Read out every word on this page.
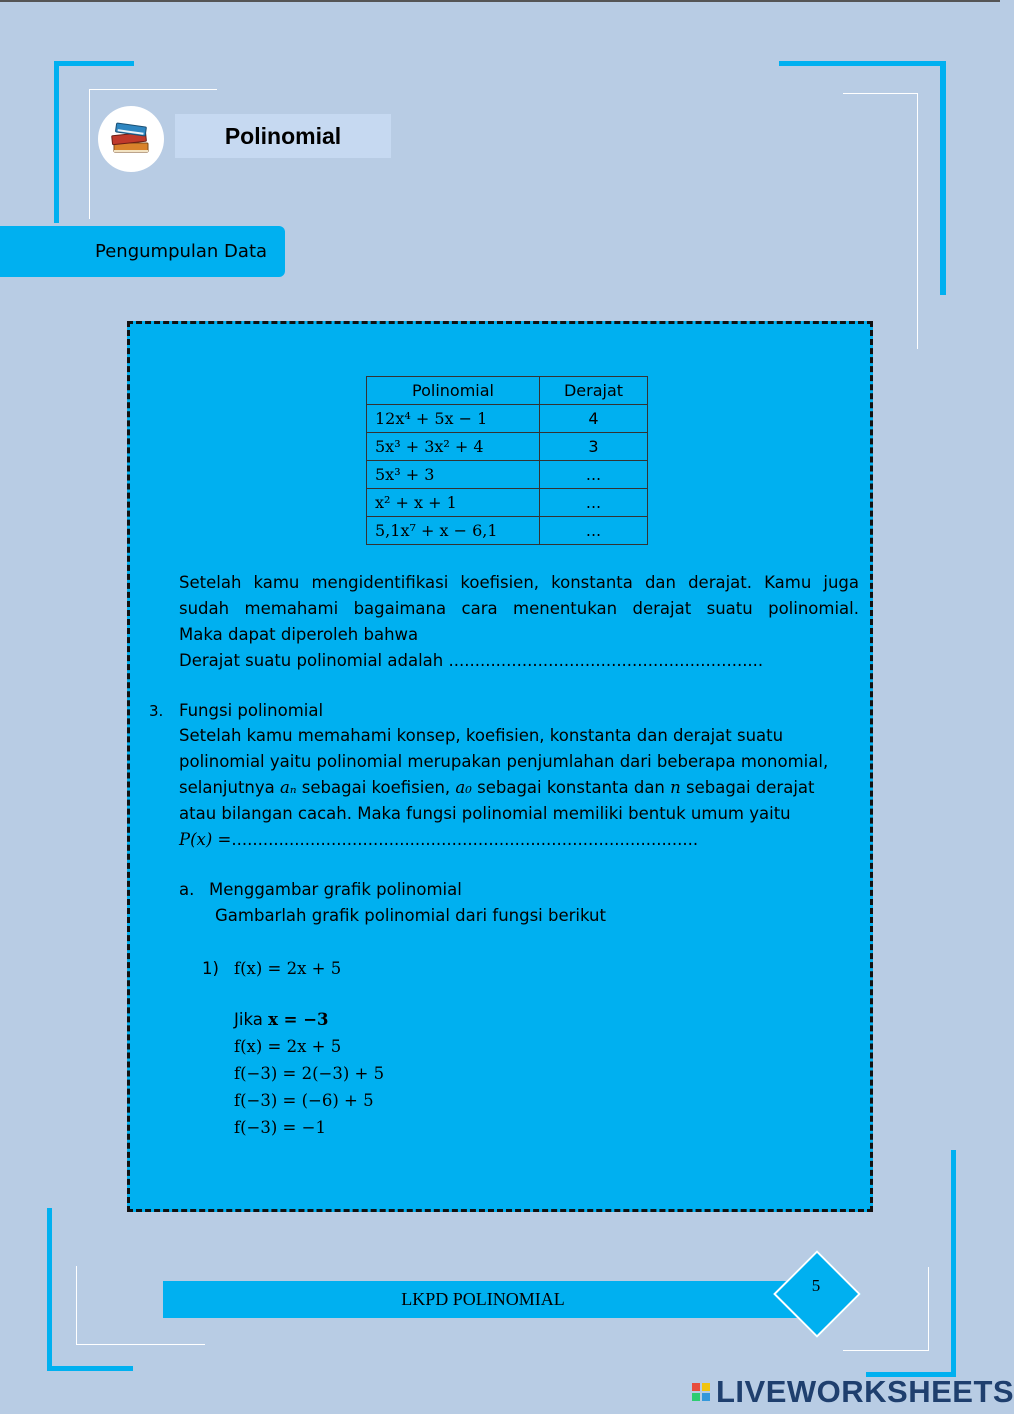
Polinomial
Pengumpulan Data
Polinomial	Derajat
12x⁴ + 5x − 1	4
5x³ + 3x² + 4	3
5x³ + 3	...
x² + x + 1	...
5,1x⁷ + x − 6,1	...
Setelah kamu mengidentifikasi koefisien, konstanta dan derajat. Kamu juga
sudah memahami bagaimana cara menentukan derajat suatu polinomial.
Maka dapat diperoleh bahwa
Derajat suatu polinomial adalah ............................................................
3. Fungsi polinomial
Setelah kamu memahami konsep, koefisien, konstanta dan derajat suatu
polinomial yaitu polinomial merupakan penjumlahan dari beberapa monomial,
selanjutnya aₙ sebagai koefisien, a₀ sebagai konstanta dan n sebagai derajat
atau bilangan cacah. Maka fungsi polinomial memiliki bentuk umum yaitu
P(x) =.........................................................................................
a. Menggambar grafik polinomial
Gambarlah grafik polinomial dari fungsi berikut
1) f(x) = 2x + 5
Jika x = −3
f(x) = 2x + 5
f(−3) = 2(−3) + 5
f(−3) = (−6) + 5
f(−3) = −1
LKPD POLINOMIAL
5
LIVEWORKSHEETS
